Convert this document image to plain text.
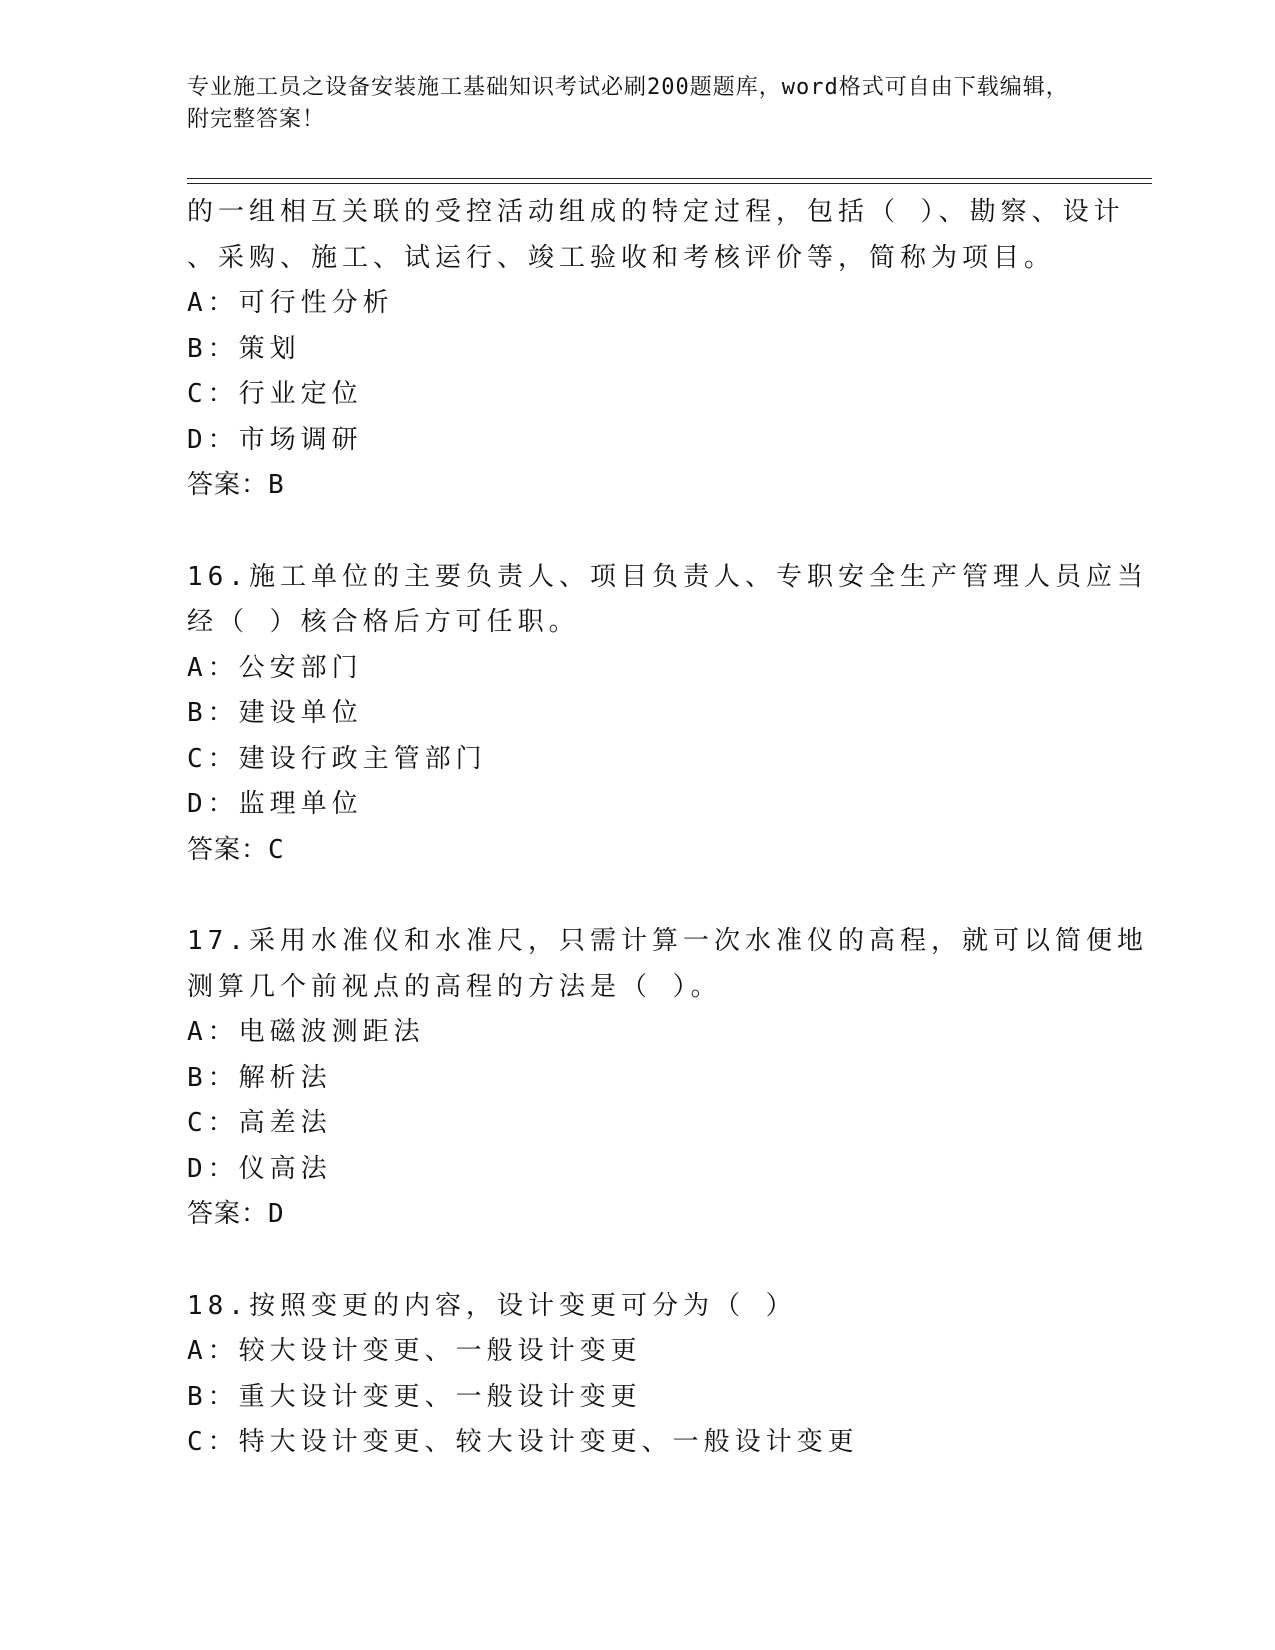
专业施工员之设备安装施工基础知识考试必刷200题题库，word格式可自由下载编辑，附完整答案！
的一组相互关联的受控活动组成的特定过程，包括（ ）、勘察、设计
、采购、施工、试运行、竣工验收和考核评价等，简称为项目。
A：可行性分析
B：策划
C：行业定位
D：市场调研
答案：B
16.施工单位的主要负责人、项目负责人、专职安全生产管理人员应当
经（ ）核合格后方可任职。
A：公安部门
B：建设单位
C：建设行政主管部门
D：监理单位
答案：C
17.采用水准仪和水准尺，只需计算一次水准仪的高程，就可以简便地
测算几个前视点的高程的方法是（ ）。
A：电磁波测距法
B：解析法
C：高差法
D：仪高法
答案：D
18.按照变更的内容，设计变更可分为（ ）
A：较大设计变更、一般设计变更
B：重大设计变更、一般设计变更
C：特大设计变更、较大设计变更、一般设计变更
